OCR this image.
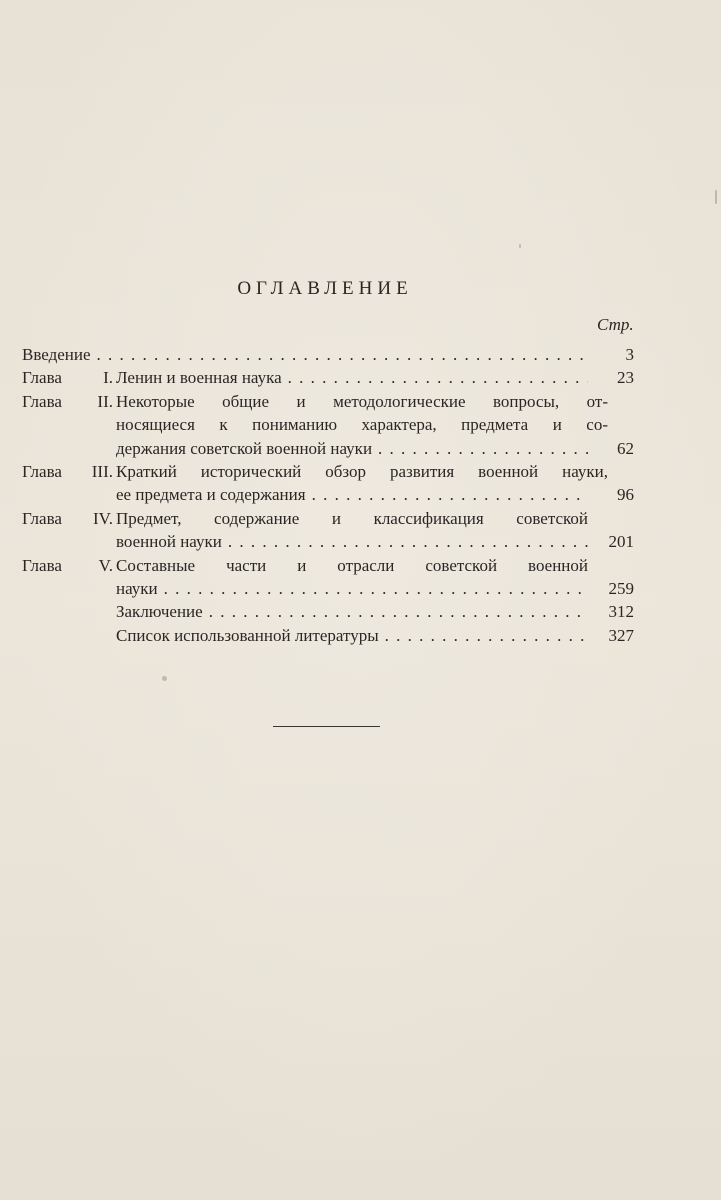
ОГЛАВЛЕНИЕ
Стр.
Введение . . .	3
Глава I. Ленин и военная наука . . .	23
Глава II. Некоторые общие и методологические вопросы, от-
носящиеся к пониманию характера, предмета и со-
держания советской военной науки . . .	62
Глава III. Краткий исторический обзор развития военной науки,
ее предмета и содержания . . .	96
Глава IV. Предмет, содержание и классификация советской
военной науки . . .	201
Глава V. Составные части и отрасли советской военной
науки . . .	259
Заключение . . .	312
Список использованной литературы . . .	327
